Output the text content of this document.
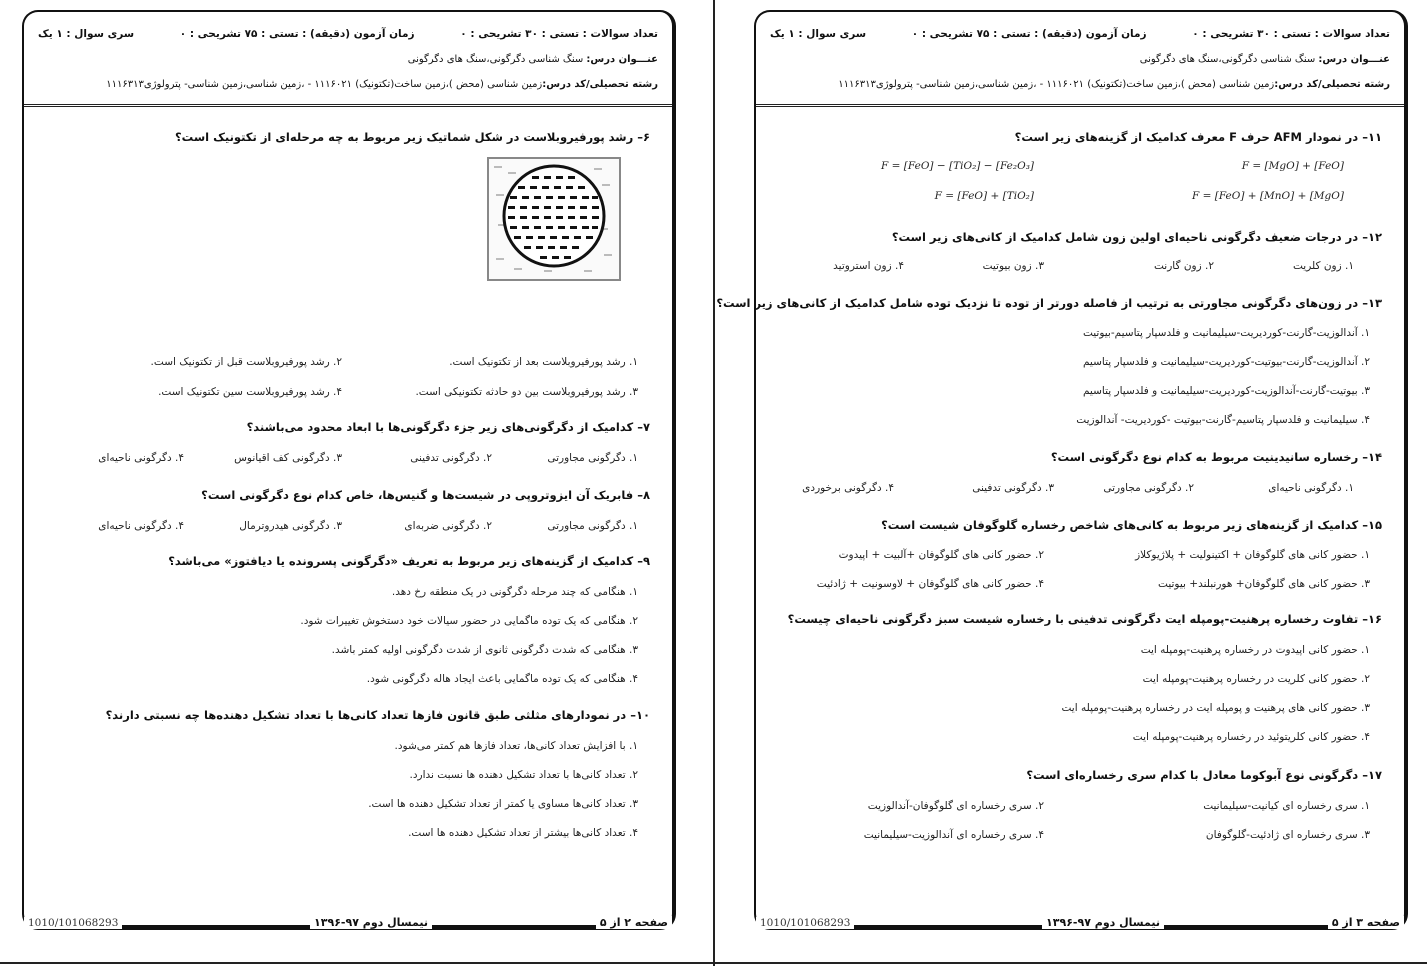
تعداد سوالات : تستی : ۳۰ تشریحی : ۰
زمان آزمون (دقیقه) : تستی : ۷۵ تشریحی : ۰
سری سوال : ۱ یک
عنـــوان درس: سنگ شناسی دگرگونی،سنگ های دگرگونی
رشته تحصیلی/کد درس:زمین شناسی (محض )،زمین ساخت(تکتونیک) ۱۱۱۶۰۲۱ - ،زمین شناسی،زمین شناسی- پترولوژی۱۱۱۶۳۱۳
۶– رشد پورفیروبلاست در شکل شماتیک زیر مربوط به چه مرحله‌ای از تکتونیک است؟
۱. رشد پورفیروبلاست بعد از تکتونیک است.
۲. رشد پورفیروبلاست قبل از تکتونیک است.
۳. رشد پورفیروبلاست بین دو حادثه تکتونیکی است.
۴. رشد پورفیروبلاست سین تکتونیک است.
۷– کدامیک از دگرگونی‌های زیر جزء دگرگونی‌ها با ابعاد محدود می‌باشند؟
۱. دگرگونی مجاورتی
۲. دگرگونی تدفینی
۳. دگرگونی کف اقیانوس
۴. دگرگونی ناحیه‌ای
۸– فابریک آن ایزوتروپی در شیست‌ها و گنیس‌ها، خاص کدام نوع دگرگونی است؟
۱. دگرگونی مجاورتی
۲. دگرگونی ضربه‌ای
۳. دگرگونی هیدروترمال
۴. دگرگونی ناحیه‌ای
۹– کدامیک از گزینه‌های زیر مربوط به تعریف «دگرگونی پسرونده یا دیافتوز» می‌باشد؟
۱. هنگامی که چند مرحله دگرگونی در یک منطقه رخ دهد.
۲. هنگامی که یک توده ماگمایی در حضور سیالات خود دستخوش تغییرات شود.
۳. هنگامی که شدت دگرگونی ثانوی از شدت دگرگونی اولیه کمتر باشد.
۴. هنگامی که یک توده ماگمایی باعث ایجاد هاله دگرگونی شود.
۱۰– در نمودارهای مثلثی طبق قانون فازها تعداد کانی‌ها با تعداد تشکیل دهنده‌ها چه نسبتی دارند؟
۱. با افزایش تعداد کانی‌ها، تعداد فازها هم کمتر می‌شود.
۲. تعداد کانی‌ها با تعداد تشکیل دهنده ها نسبت ندارد.
۳. تعداد کانی‌ها مساوی یا کمتر از تعداد تشکیل دهنده ها است.
۴. تعداد کانی‌ها بیشتر از تعداد تشکیل دهنده ها است.
صفحه ۲ از ۵
نیمسال دوم ۹۷-۱۳۹۶
1010/101068293
تعداد سوالات : تستی : ۳۰ تشریحی : ۰
زمان آزمون (دقیقه) : تستی : ۷۵ تشریحی : ۰
سری سوال : ۱ یک
عنـــوان درس: سنگ شناسی دگرگونی،سنگ های دگرگونی
رشته تحصیلی/کد درس:زمین شناسی (محض )،زمین ساخت(تکتونیک) ۱۱۱۶۰۲۱ - ،زمین شناسی،زمین شناسی- پترولوژی۱۱۱۶۳۱۳
۱۱– در نمودار AFM حرف F معرف کدامیک از گزینه‌های زیر است؟
F = [MgO] + [FeO]
F = [FeO] − [TiO₂] − [Fe₂O₃]
F = [FeO] + [MnO] + [MgO]
F = [FeO] + [TiO₂]
۱۲– در درجات ضعیف دگرگونی ناحیه‌ای اولین زون شامل کدامیک از کانی‌های زیر است؟
۱. زون کلریت
۲. زون گارنت
۳. زون بیوتیت
۴. زون استروتید
۱۳– در زون‌های دگرگونی مجاورتی به ترتیب از فاصله دورتر از توده تا نزدیک توده شامل کدامیک از کانی‌های زیر است؟
۱. آندالوزیت-گارنت-کوردیریت-سیلیمانیت و فلدسپار پتاسیم-بیوتیت
۲. آندالوزیت-گارنت-بیوتیت-کوردیریت-سیلیمانیت و فلدسپار پتاسیم
۳. بیوتیت-گارنت-آندالوزیت-کوردیریت-سیلیمانیت و فلدسپار پتاسیم
۴. سیلیمانیت و فلدسپار پتاسیم-گارنت-بیوتیت -کوردیریت- آندالوزیت
۱۴– رخساره سانیدینیت مربوط به کدام نوع دگرگونی است؟
۱. دگرگونی ناحیه‌ای
۲. دگرگونی مجاورتی
۳. دگرگونی تدفینی
۴. دگرگونی برخوردی
۱۵– کدامیک از گزینه‌های زیر مربوط به کانی‌های شاخص رخساره گلوگوفان شیست است؟
۱. حضور کانی های گلوگوفان + اکتینولیت + پلاژیوکلاز
۲. حضور کانی های گلوگوفان +آلبیت + اپیدوت
۳. حضور کانی های گلوگوفان+ هورنبلند+ بیوتیت
۴. حضور کانی های گلوگوفان + لاوسونیت + ژادئیت
۱۶– تفاوت رخساره پرهنیت-پومپله ایت دگرگونی تدفینی با رخساره شیست سبز دگرگونی ناحیه‌ای چیست؟
۱. حضور کانی اپیدوت در رخساره پرهنیت-پومپله ایت
۲. حضور کانی کلریت در رخساره پرهنیت-پومپله ایت
۳. حضور کانی های پرهنیت و پومپله ایت در رخساره پرهنیت-پومپله ایت
۴. حضور کانی کلریتوئید در رخساره پرهنیت-پومپله ایت
۱۷– دگرگونی نوع آبوکوما معادل با کدام سری رخساره‌ای است؟
۱. سری رخساره ای کیانیت-سیلیمانیت
۲. سری رخساره ای گلوگوفان-آندالوزیت
۳. سری رخساره ای ژادئیت-گلوگوفان
۴. سری رخساره ای آندالوزیت-سیلیمانیت
صفحه ۳ از ۵
نیمسال دوم ۹۷-۱۳۹۶
1010/101068293
